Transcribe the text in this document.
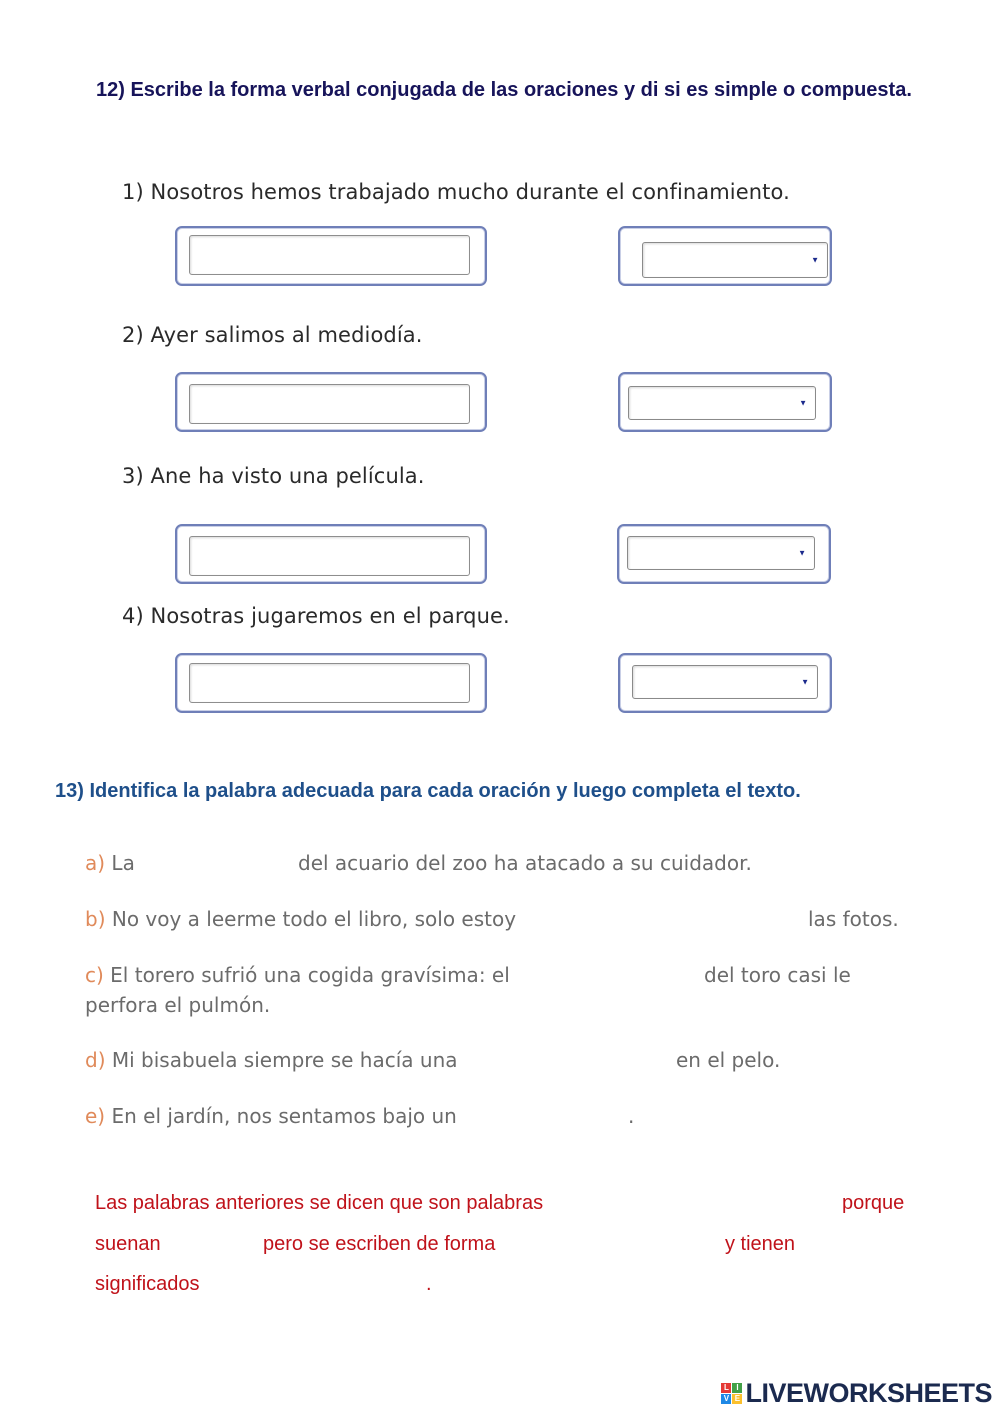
12) Escribe la forma verbal conjugada de las oraciones y di si es simple o compuesta.
1) Nosotros hemos trabajado mucho durante el confinamiento.
▼
2) Ayer salimos al mediodía.
▼
3) Ane ha visto una película.
▼
4) Nosotras jugaremos en el parque.
▼
13) Identifica la palabra adecuada para cada oración y luego completa el texto.
a) La	del acuario del zoo ha atacado a su cuidador.
b) No voy a leerme todo el libro, solo estoy	las fotos.
c) El torero sufrió una cogida gravísima: el	del toro casi le
perfora el pulmón.
d) Mi bisabuela siempre se hacía una	en el pelo.
e) En el jardín, nos sentamos bajo un	.
Las palabras anteriores se dicen que son palabras	porque
suenan	pero se escriben de forma	y tienen
significados	.
L I
V E LIVEWORKSHEETS
